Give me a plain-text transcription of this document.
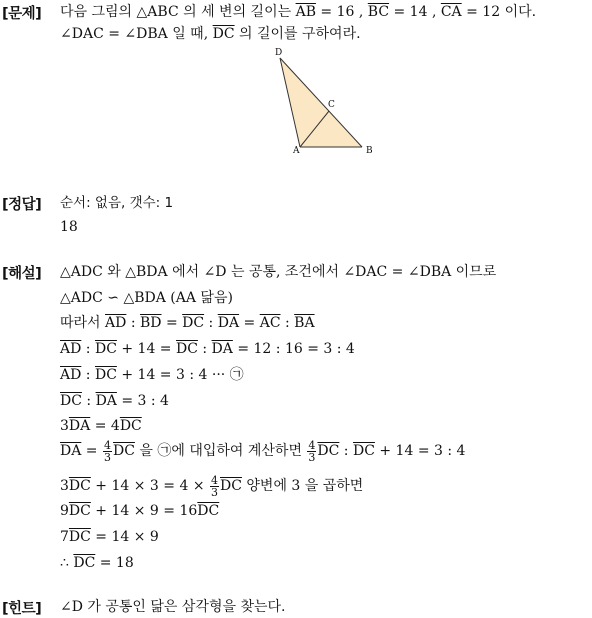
[문제] 다음 그림의 △ABC 의 세 변의 길이는 $\overline{AB} = 16$ , $\overline{BC} = 14$ , $\overline{CA} = 12$ 이다.
∠DAC = ∠DBA 일 때, $\overline{DC}$ 의 길이를 구하여라.
D
C
A	B
[정답] 순서: 없음, 갯수: 1
18
[해설] △ADC 와 △BDA 에서 ∠D 는 공통, 조건에서 ∠DAC = ∠DBA 이므로
△ADC ∽ △BDA (AA 닮음)
따라서 $\overline{AD}$ : $\overline{BD} = \overline{DC}$ : $\overline{DA} = \overline{AC}$ : $\overline{BA}$
$\overline{AD}$ : $\overline{DC} + 14 = \overline{DC}$ : $\overline{DA} = 12$ : 16 = 3 : 4
$\overline{AD}$ : $\overline{DC} + 14 = 3$ : 4 ··· ㉠
$\overline{DC}$ : $\overline{DA} = 3$ : 4
$3\overline{DA} = 4\overline{DC}$
$\overline{DA} = \frac{4}{3} \overline{DC}$ 을 ㉠에 대입하여 계산하면 $\frac{4}{3} \overline{DC}$ : $\overline{DC} + 14 = 3$ : 4
$3\overline{DC} + 14 \times 3 = 4 \times \frac{4}{3} \overline{DC}$ 양변에 3 을 곱하면
$9\overline{DC} + 14 \times 9 = 16\overline{DC}$
$7\overline{DC} = 14 \times 9$
∴ $\overline{DC} = 18$
[힌트] ∠D 가 공통인 닮은 삼각형을 찾는다.
